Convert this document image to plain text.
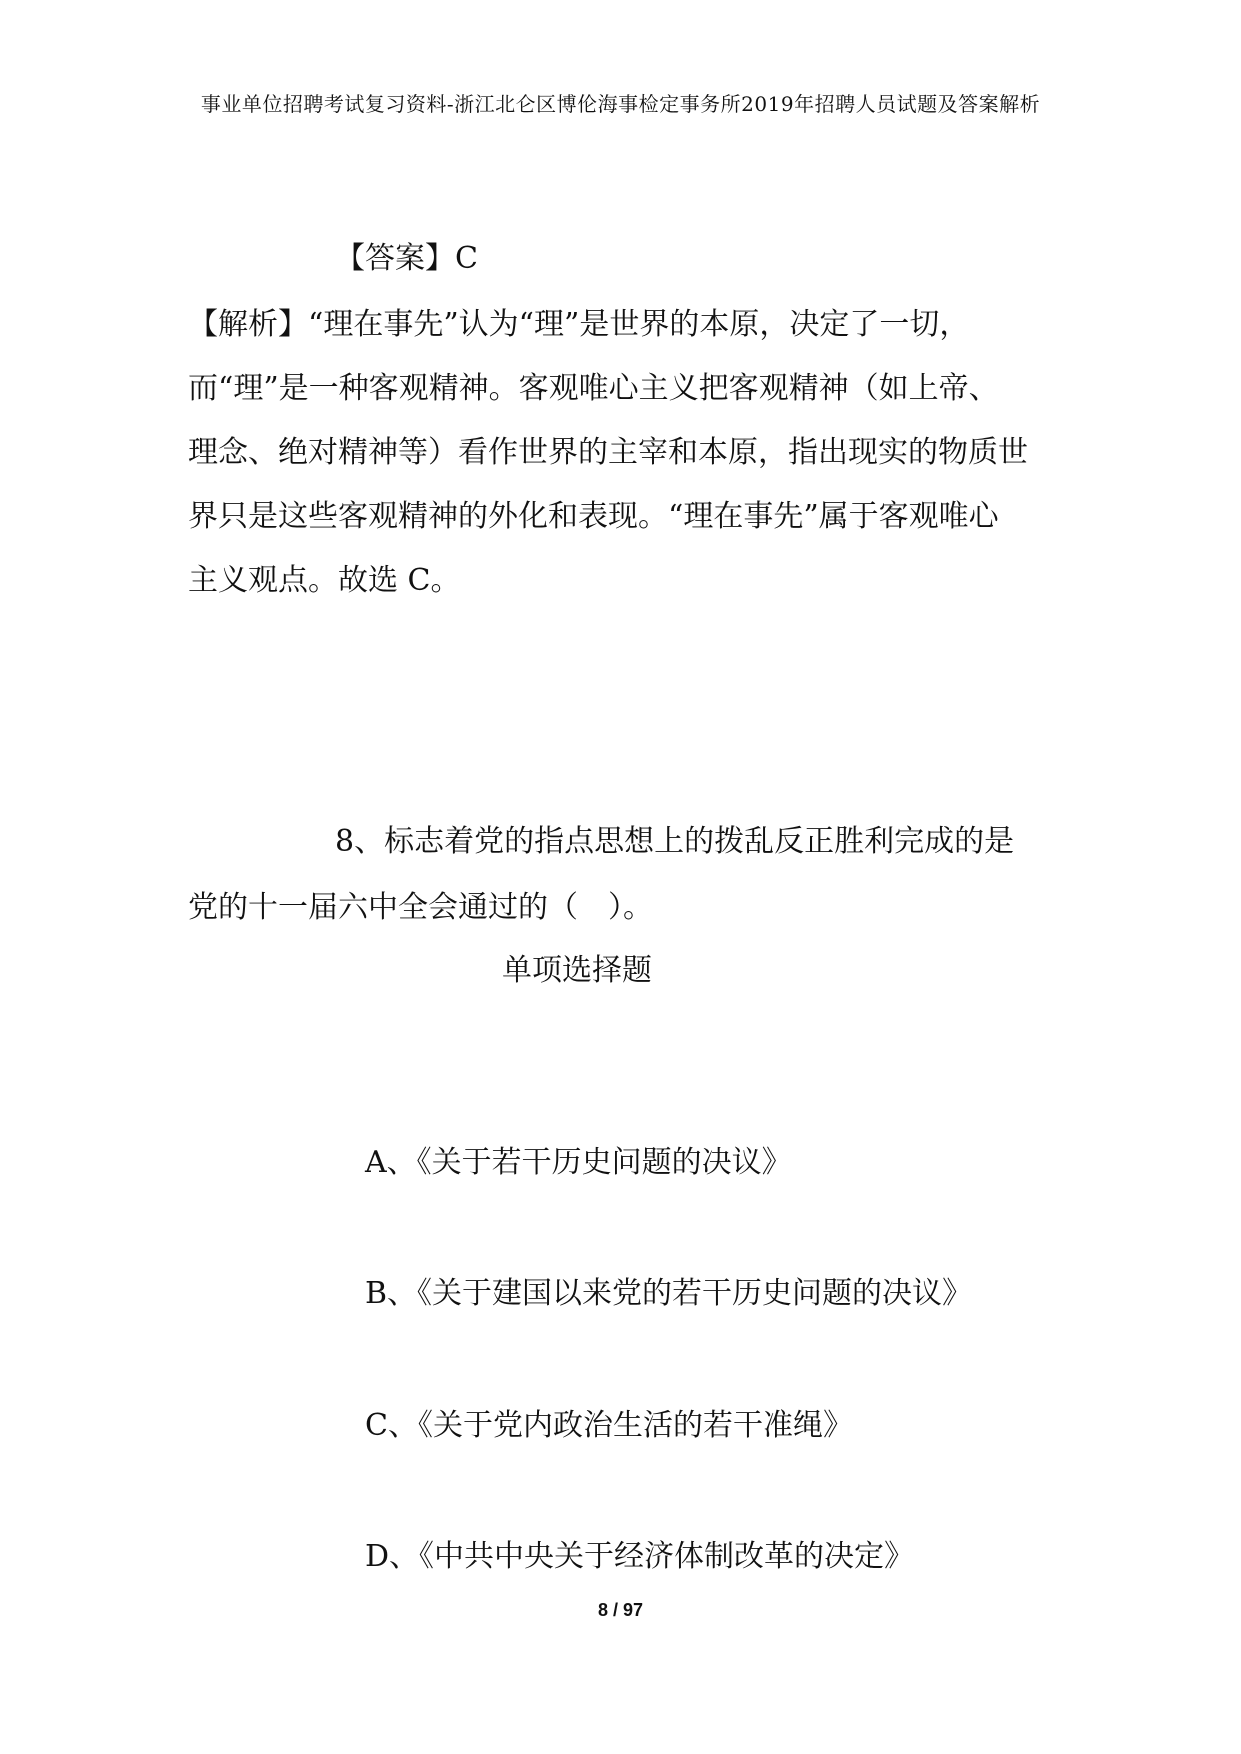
事业单位招聘考试复习资料-浙江北仑区博伦海事检定事务所2019年招聘人员试题及答案解析
【答案】C
【解析】“理在事先”认为“理”是世界的本原，决定了一切，
而“理”是一种客观精神。客观唯心主义把客观精神（如上帝、
理念、绝对精神等）看作世界的主宰和本原，指出现实的物质世
界只是这些客观精神的外化和表现。“理在事先”属于客观唯心
主义观点。故选 C。
8、标志着党的指点思想上的拨乱反正胜利完成的是
党的十一届六中全会通过的（　）。
单项选择题
A、《关于若干历史问题的决议》
B、《关于建国以来党的若干历史问题的决议》
C、《关于党内政治生活的若干准绳》
D、《中共中央关于经济体制改革的决定》
8 / 97
